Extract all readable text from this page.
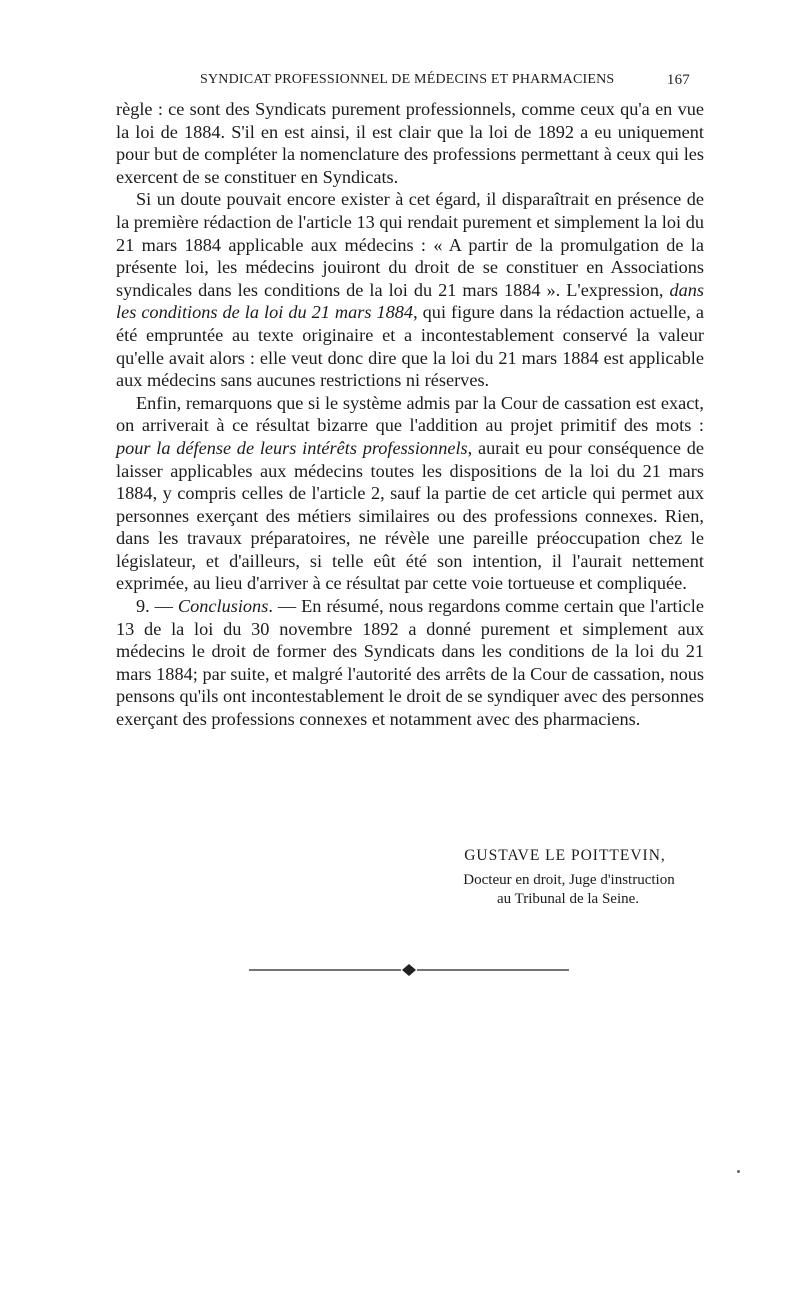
SYNDICAT PROFESSIONNEL DE MÉDECINS ET PHARMACIENS	167

règle : ce sont des Syndicats purement professionnels, comme ceux qu'a en vue la loi de 1884. S'il en est ainsi, il est clair que la loi de 1892 a eu uniquement pour but de compléter la nomenclature des professions permettant à ceux qui les exercent de se constituer en Syndicats.

Si un doute pouvait encore exister à cet égard, il disparaîtrait en présence de la première rédaction de l'article 13 qui rendait purement et simplement la loi du 21 mars 1884 applicable aux médecins : « A partir de la promulgation de la présente loi, les médecins jouiront du droit de se constituer en Associations syndicales dans les conditions de la loi du 21 mars 1884 ». L'expression, dans les conditions de la loi du 21 mars 1884, qui figure dans la rédaction actuelle, a été empruntée au texte originaire et a incontestablement conservé la valeur qu'elle avait alors : elle veut donc dire que la loi du 21 mars 1884 est applicable aux médecins sans aucunes restrictions ni réserves.

Enfin, remarquons que si le système admis par la Cour de cassation est exact, on arriverait à ce résultat bizarre que l'addition au projet primitif des mots : pour la défense de leurs intérêts professionnels, aurait eu pour conséquence de laisser applicables aux médecins toutes les dispositions de la loi du 21 mars 1884, y compris celles de l'article 2, sauf la partie de cet article qui permet aux personnes exerçant des métiers similaires ou des professions connexes. Rien, dans les travaux préparatoires, ne révèle une pareille préoccupation chez le législateur, et d'ailleurs, si telle eût été son intention, il l'aurait nettement exprimée, au lieu d'arriver à ce résultat par cette voie tortueuse et compliquée.

9. — Conclusions. — En résumé, nous regardons comme certain que l'article 13 de la loi du 30 novembre 1892 a donné purement et simplement aux médecins le droit de former des Syndicats dans les conditions de la loi du 21 mars 1884; par suite, et malgré l'autorité des arrêts de la Cour de cassation, nous pensons qu'ils ont incontestablement le droit de se syndiquer avec des personnes exerçant des professions connexes et notamment avec des pharmaciens.

GUSTAVE LE POITTEVIN,
Docteur en droit, Juge d'instruction
au Tribunal de la Seine.
